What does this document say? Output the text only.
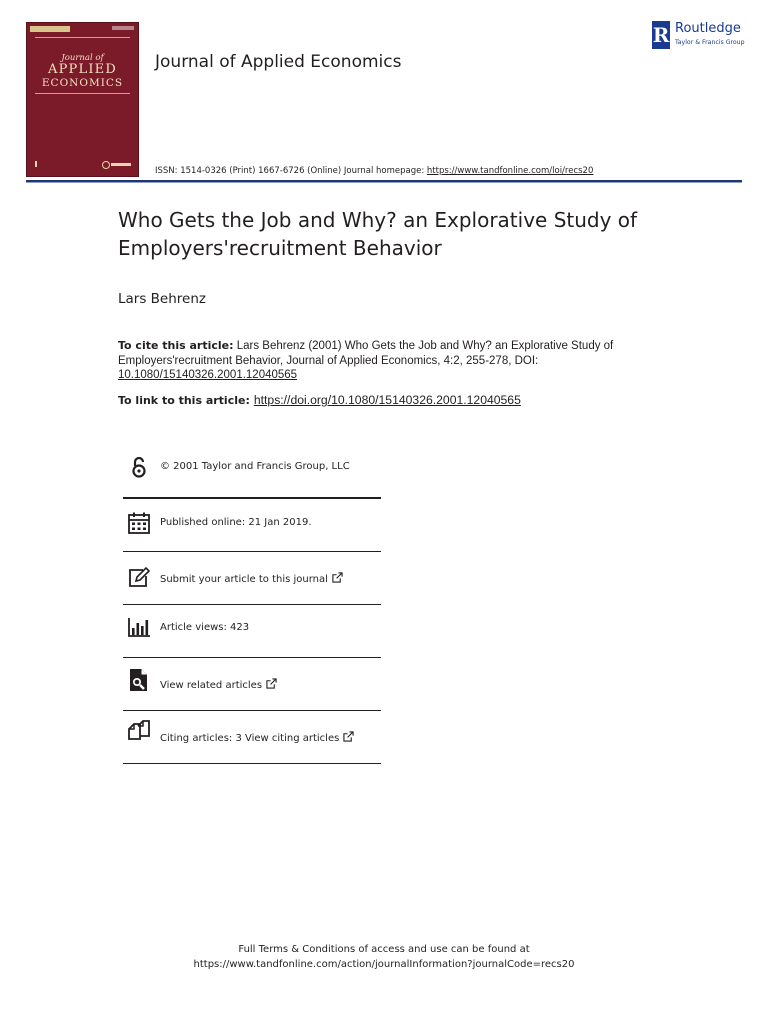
Journal of
APPLIED
ECONOMICS
Journal of Applied Economics
ISSN: 1514-0326 (Print) 1667-6726 (Online) Journal homepage: https://www.tandfonline.com/loi/recs20
R Routledge
Taylor & Francis Group
Who Gets the Job and Why? an Explorative Study of Employers'recruitment Behavior
Lars Behrenz
To cite this article: Lars Behrenz (2001) Who Gets the Job and Why? an Explorative Study of Employers'recruitment Behavior, Journal of Applied Economics, 4:2, 255-278, DOI: 10.1080/15140326.2001.12040565
To link to this article: https://doi.org/10.1080/15140326.2001.12040565
© 2001 Taylor and Francis Group, LLC
Published online: 21 Jan 2019.
Submit your article to this journal
Article views: 423
View related articles
Citing articles: 3 View citing articles
Full Terms & Conditions of access and use can be found at
https://www.tandfonline.com/action/journalInformation?journalCode=recs20
